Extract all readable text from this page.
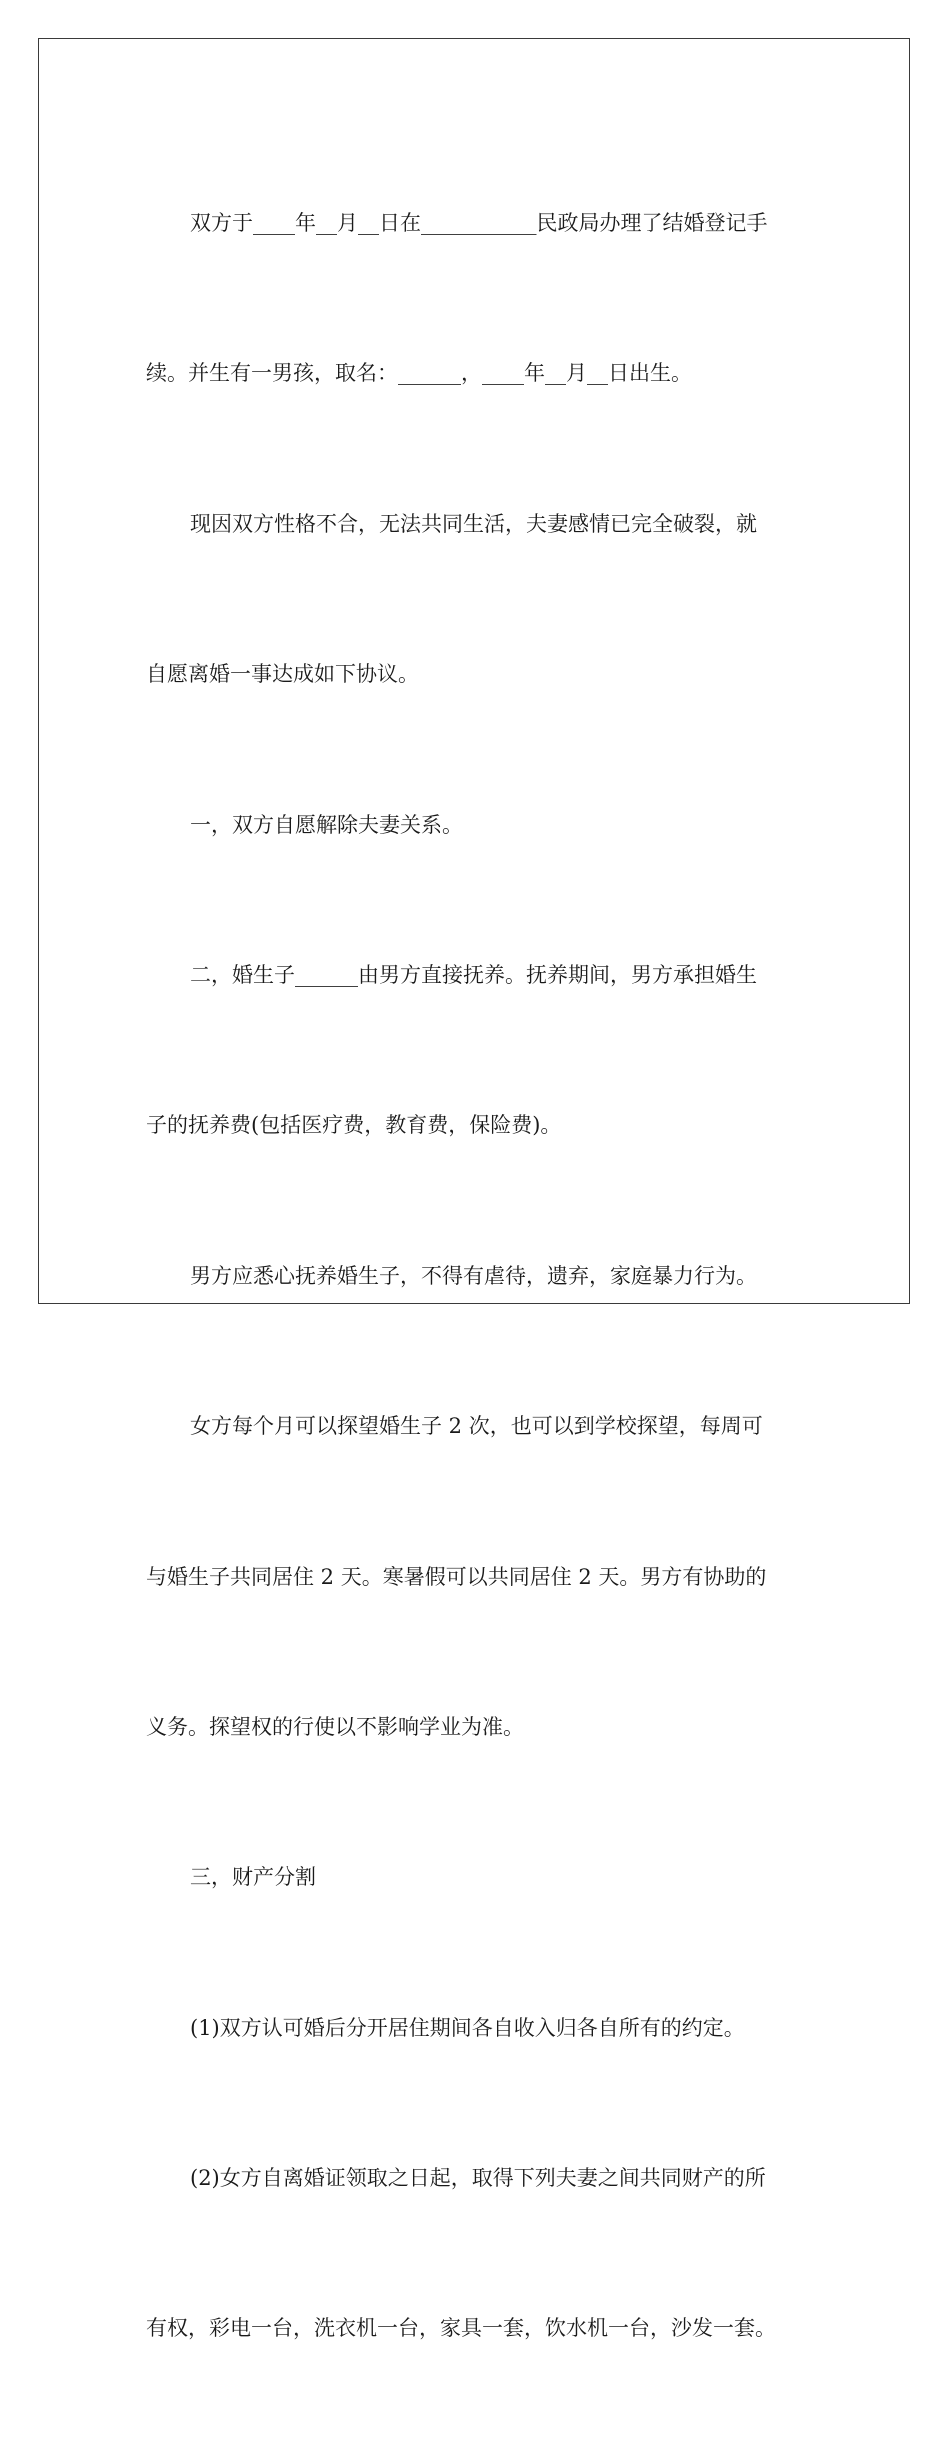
双方于____年__月__日在___________民政局办理了结婚登记手

续。并生有一男孩，取名：______，____年__月__日出生。

现因双方性格不合，无法共同生活，夫妻感情已完全破裂，就

自愿离婚一事达成如下协议。

一，双方自愿解除夫妻关系。

二，婚生子______由男方直接抚养。抚养期间，男方承担婚生

子的抚养费(包括医疗费，教育费，保险费)。

男方应悉心抚养婚生子，不得有虐待，遗弃，家庭暴力行为。

女方每个月可以探望婚生子 2 次，也可以到学校探望，每周可

与婚生子共同居住 2 天。寒暑假可以共同居住 2 天。男方有协助的

义务。探望权的行使以不影响学业为准。

三，财产分割

(1)双方认可婚后分开居住期间各自收入归各自所有的约定。

(2)女方自离婚证领取之日起，取得下列夫妻之间共同财产的所

有权，彩电一台，洗衣机一台，家具一套，饮水机一台，沙发一套。
